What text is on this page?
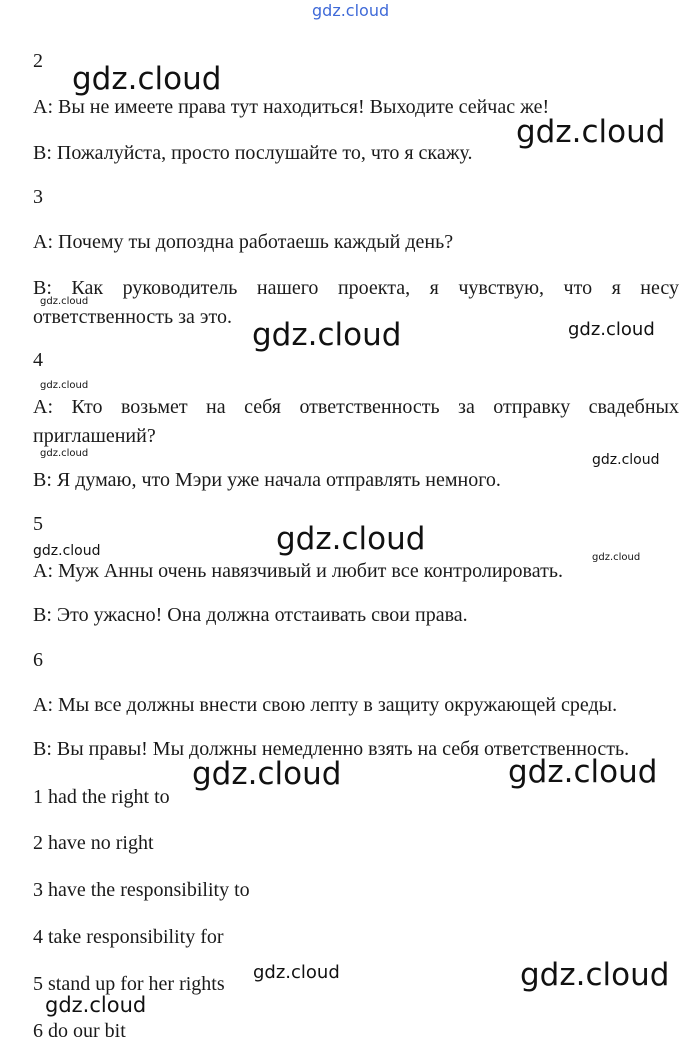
gdz.cloud
2
А: Вы не имеете права тут находиться! Выходите сейчас же!
В: Пожалуйста, просто послушайте то, что я скажу.
3
А: Почему ты допоздна работаешь каждый день?
В: Как руководитель нашего проекта, я чувствую, что я несу
ответственность за это.
4
А: Кто возьмет на себя ответственность за отправку свадебных
приглашений?
В: Я думаю, что Мэри уже начала отправлять немного.
5
А: Муж Анны очень навязчивый и любит все контролировать.
В: Это ужасно! Она должна отстаивать свои права.
6
А: Мы все должны внести свою лепту в защиту окружающей среды.
В: Вы правы! Мы должны немедленно взять на себя ответственность.
1 had the right to
2 have no right
3 have the responsibility to
4 take responsibility for
5 stand up for her rights
6 do our bit
gdz.cloud
gdz.cloud
gdz.cloud
gdz.cloud	gdz.cloud
gdz.cloud
gdz.cloud	gdz.cloud
gdz.cloud
gdz.cloud	gdz.cloud
gdz.cloud	gdz.cloud
gdz.cloud	gdz.cloud
gdz.cloud
